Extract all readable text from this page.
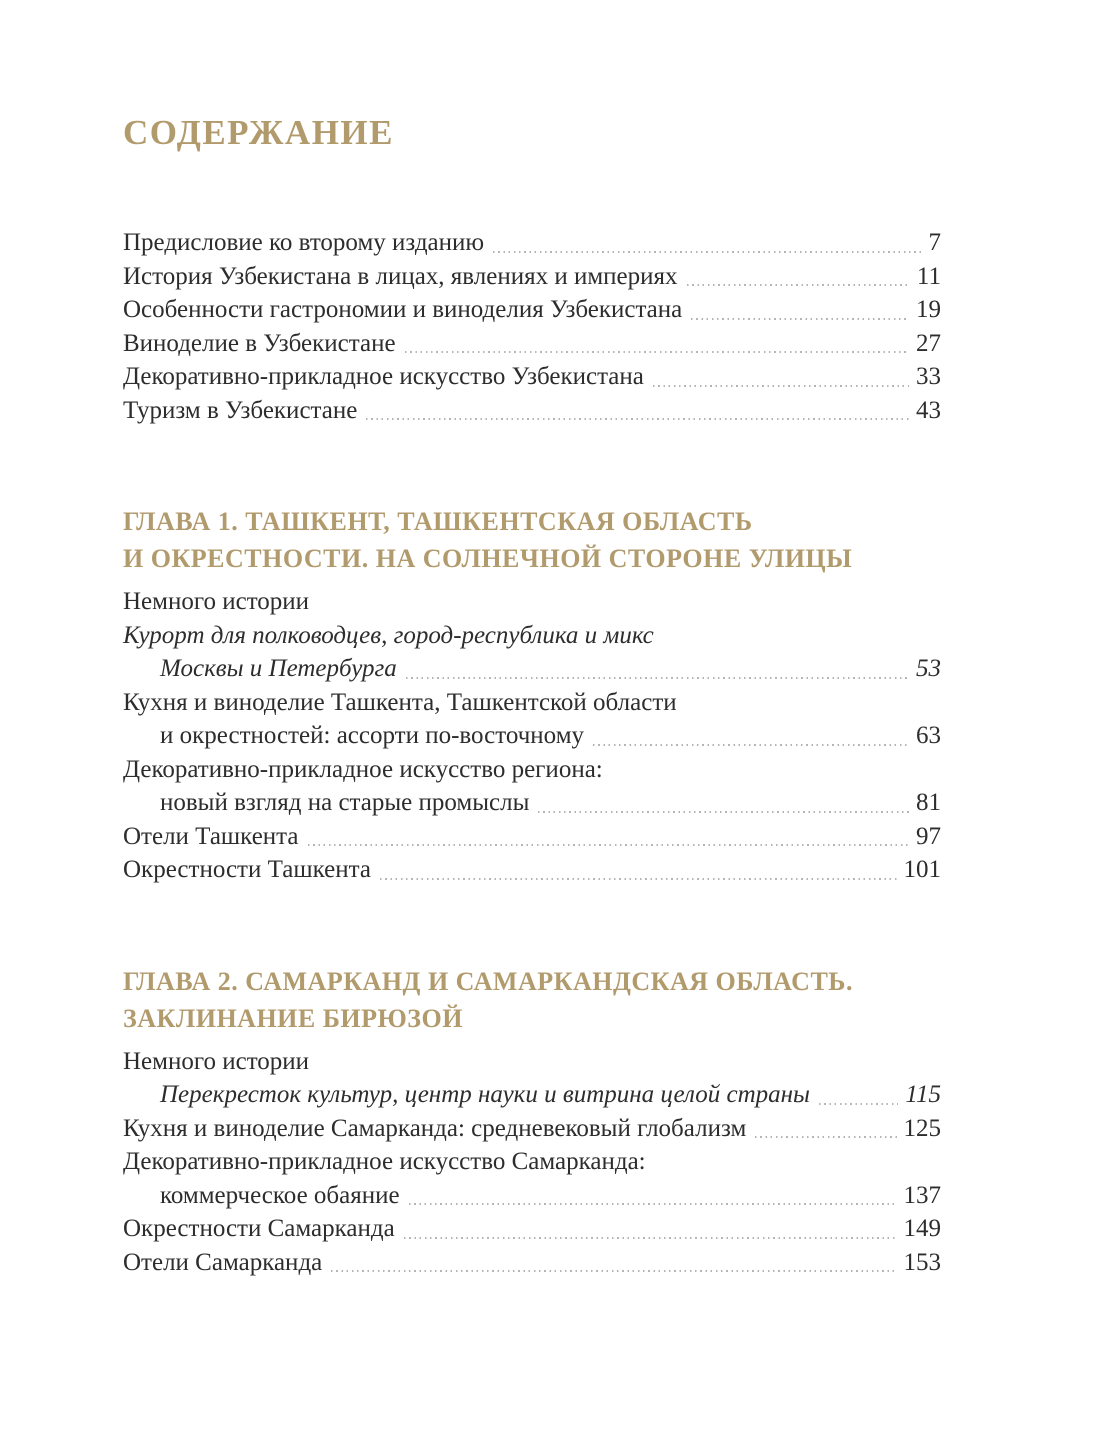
СОДЕРЖАНИЕ
Предисловие ко второму изданию	7
История Узбекистана в лицах, явлениях и империях	11
Особенности гастрономии и виноделия Узбекистана	19
Виноделие в Узбекистане	27
Декоративно-прикладное искусство Узбекистана	33
Туризм в Узбекистане	43
ГЛАВА 1. ТАШКЕНТ, ТАШКЕНТСКАЯ ОБЛАСТЬ
И ОКРЕСТНОСТИ. НА СОЛНЕЧНОЙ СТОРОНЕ УЛИЦЫ
Немного истории
Курорт для полководцев, город-республика и микс
Москвы и Петербурга	53
Кухня и виноделие Ташкента, Ташкентской области
и окрестностей: ассорти по-восточному	63
Декоративно-прикладное искусство региона:
новый взгляд на старые промыслы	81
Отели Ташкента	97
Окрестности Ташкента	101
ГЛАВА 2. САМАРКАНД И САМАРКАНДСКАЯ ОБЛАСТЬ.
ЗАКЛИНАНИЕ БИРЮЗОЙ
Немного истории
Перекресток культур, центр науки и витрина целой страны	115
Кухня и виноделие Самарканда: средневековый глобализм	125
Декоративно-прикладное искусство Самарканда:
коммерческое обаяние	137
Окрестности Самарканда	149
Отели Самарканда	153
